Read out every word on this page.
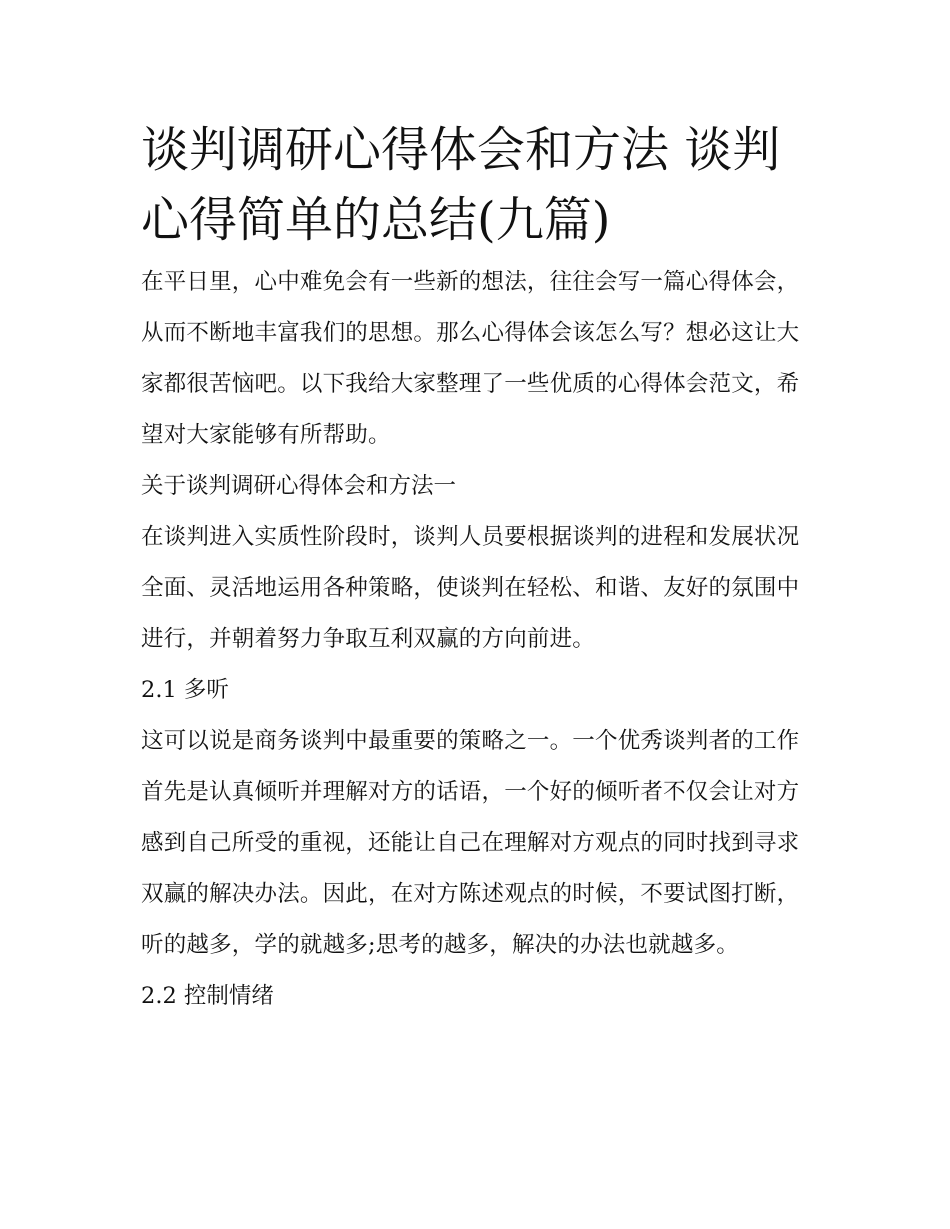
谈判调研心得体会和方法 谈判心得简单的总结(九篇)

在平日里，心中难免会有一些新的想法，往往会写一篇心得体会，从而不断地丰富我们的思想。那么心得体会该怎么写？想必这让大家都很苦恼吧。以下我给大家整理了一些优质的心得体会范文，希望对大家能够有所帮助。

关于谈判调研心得体会和方法一

在谈判进入实质性阶段时，谈判人员要根据谈判的进程和发展状况全面、灵活地运用各种策略，使谈判在轻松、和谐、友好的氛围中进行，并朝着努力争取互利双赢的方向前进。

2.1 多听

这可以说是商务谈判中最重要的策略之一。一个优秀谈判者的工作首先是认真倾听并理解对方的话语，一个好的倾听者不仅会让对方感到自己所受的重视，还能让自己在理解对方观点的同时找到寻求双赢的解决办法。因此，在对方陈述观点的时候，不要试图打断，听的越多，学的就越多;思考的越多，解决的办法也就越多。

2.2 控制情绪
